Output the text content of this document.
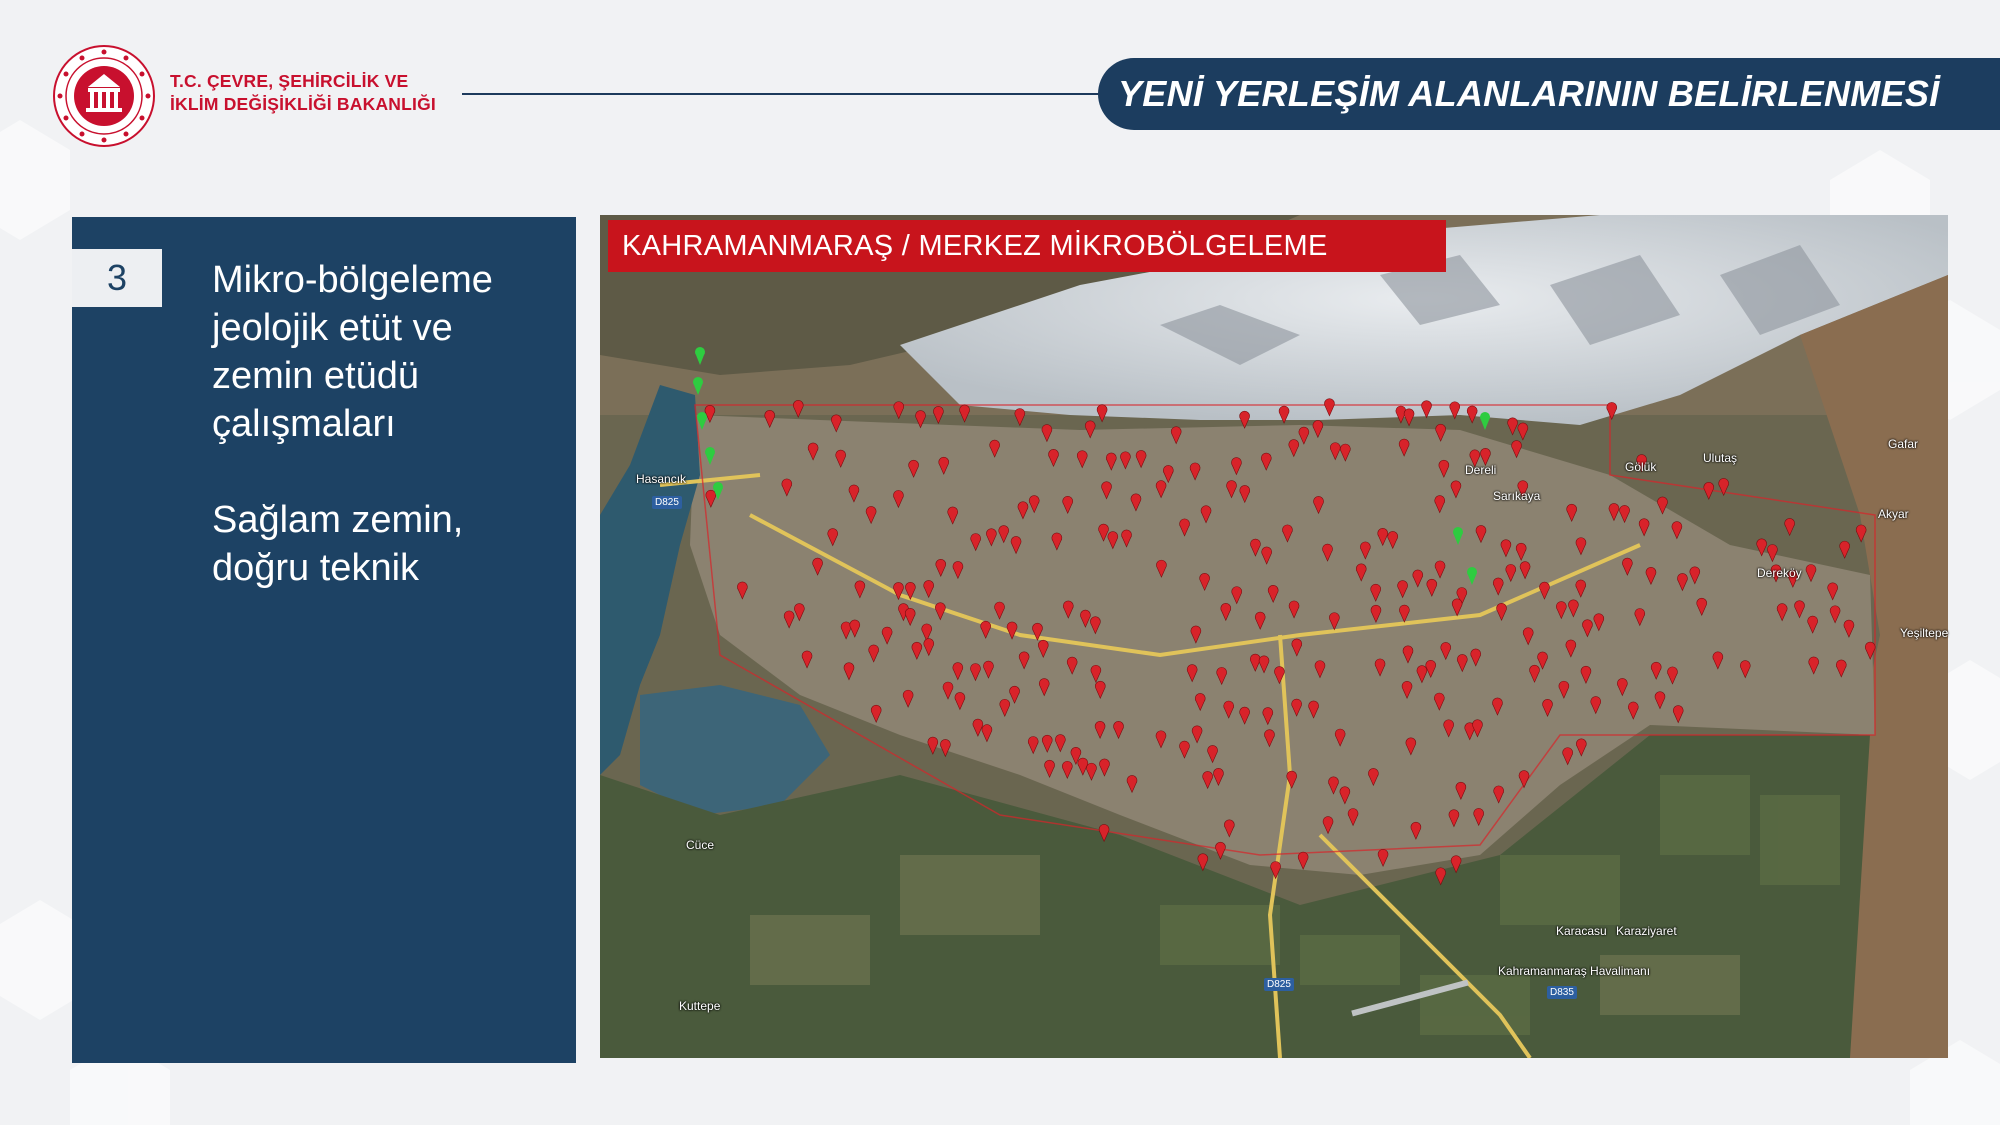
T.C. ÇEVRE, ŞEHİRCİLİK VE
İKLİM DEĞİŞİKLİĞİ BAKANLIĞI	YENİ YERLEŞİM ALANLARININ BELİRLENMESİ
3	Mikro-bölgeleme
jeolojik etüt ve
zemin etüdü
çalışmaları
Sağlam zemin,
doğru teknik
KAHRAMANMARAŞ / MERKEZ MİKROBÖLGELEME
Hasancık
Dereli
Sarıkaya
Ulutaş
Gölük
Gafar
Akyar
Dereköy
Yeşiltepe
Cüce
Kuttepe
Karacasu Karaziyaret
Kahramanmaraş Havalimanı
D825
D825
D835
